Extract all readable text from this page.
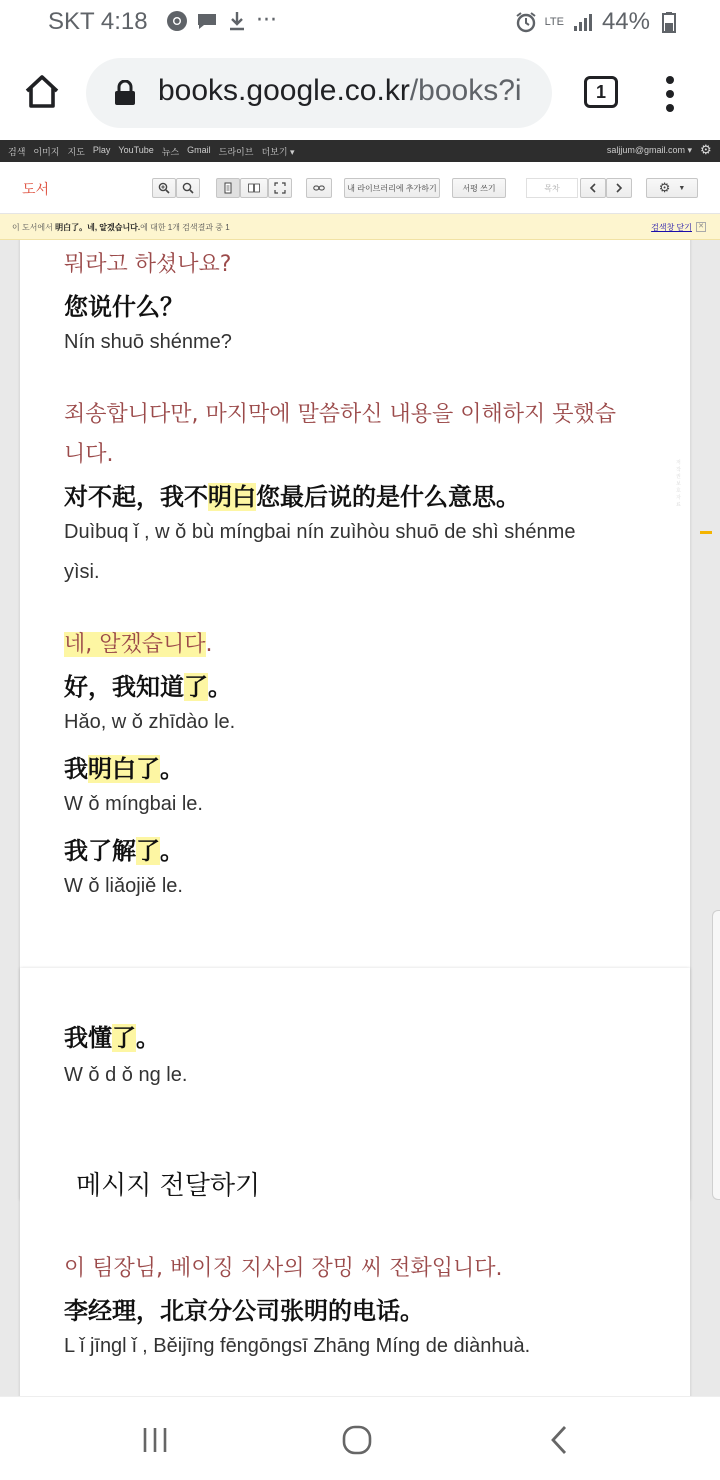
SKT 4:18	···	LTE 44%
books.google.co.kr/books?i	1
검색 이미지 지도 Play YouTube 뉴스 Gmail 드라이브 더보기 ▾	saljjum@gmail.com ▾ ⚙
도서	내 라이브러리에 추가하기	서평 쓰기	목차	⚙ ▼
이 도서에서 明白了。네, 알겠습니다.에 대한 1개 검색결과 중 1	검색창 닫기 ✕
뭐라고 하셨나요?
您说什么？
Nín shuō shénme?
죄송합니다만, 마지막에 말씀하신 내용을 이해하지 못했습
니다.
对不起，我不明白您最后说的是什么意思。
Duìbuq ǐ , w ǒ bù míngbai nín zuìhòu shuō de shì shénme
yìsi.
네, 알겠습니다.
好，我知道了。
Hǎo, w ǒ zhīdào le.
我明白了。
W ǒ míngbai le.
我了解了。
W ǒ liǎojiě le.
我懂了。
W ǒ d ǒ ng le.
메시지 전달하기
이 팀장님, 베이징 지사의 장밍 씨 전화입니다.
李经理，北京分公司张明的电话。
L ǐ jīngl ǐ , Běijīng fēngōngsī Zhāng Míng de diànhuà.
저작권보호자료
